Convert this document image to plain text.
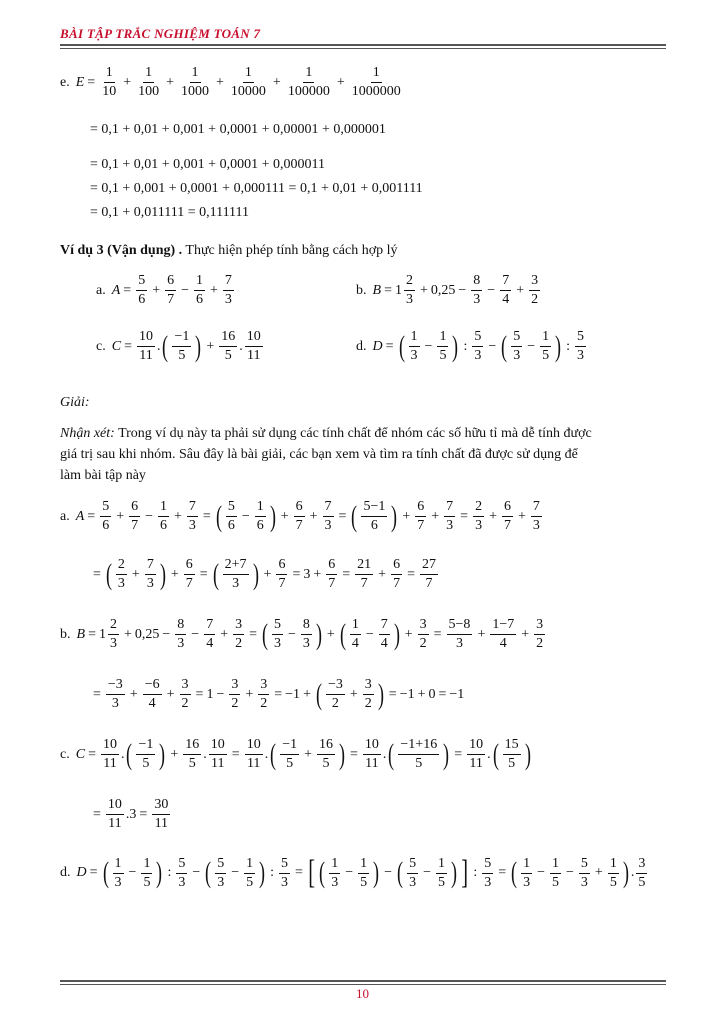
BÀI TẬP TRẮC NGHIỆM TOÁN 7
e. $E = \frac{1}{10} + \frac{1}{100} + \frac{1}{1000} + \frac{1}{10000} + \frac{1}{100000} + \frac{1}{1000000}$
= 0,1 + 0,01 + 0,001 + 0,0001 + 0,00001 + 0,000001
= 0,1 + 0,01 + 0,001 + 0,0001 + 0,000011
= 0,1 + 0,001 + 0,0001 + 0,000111 = 0,1 + 0,01 + 0,001111
= 0,1 + 0,011111 = 0,111111
Ví dụ 3 (Vận dụng) . Thực hiện phép tính bằng cách hợp lý
a. $A = \frac{5}{6} + \frac{6}{7} - \frac{1}{6} + \frac{7}{3}$	b. $B = 1 \frac{2}{3} + 0,25 - \frac{8}{3} - \frac{7}{4} + \frac{3}{2}$
c. $C = \frac{10}{11}$ . ( −1
5 ) + $\frac{16}{5}$ .
10
11
d. D = ( 1
3
− $\frac{1}{5}$ ) :
5
3
− ( 5
3
− $\frac{1}{5}$ ) :
5
3
Giải:
Nhận xét: Trong ví dụ này ta phải sử dụng các tính chất để nhóm các số hữu tỉ mà dễ tính được
giá trị sau khi nhóm. Sâu đây là bài giải, các bạn xem và tìm ra tính chất đã được sử dụng để
làm bài tập này
a. $A = \frac{5}{6} + \frac{6}{7} - \frac{1}{6} + \frac{7}{3}$ = ( 5
6
− $\frac{1}{6}$ ) + $\frac{6}{7} + \frac{7}{3}$ = ( 5−1
6 ) + $\frac{6}{7} + \frac{7}{3} = \frac{2}{3} + \frac{6}{7} + \frac{7}{3}$
= ( 2
3
+ $\frac{7}{3}$ ) + $\frac{6}{7}$ = ( 2+7
3 ) + $\frac{6}{7} = 3 + \frac{6}{7} = \frac{21}{7} + \frac{6}{7} = \frac{27}{7}$
b. $B = 1 \frac{2}{3} + 0,25 - \frac{8}{3} - \frac{7}{4} + \frac{3}{2}$ = ( 5
3
− $\frac{8}{3}$ ) + ( 1
4
− $\frac{7}{4}$ ) + $\frac{3}{2} = \frac{5-8}{3} + \frac{1-7}{4} + \frac{3}{2}$
= $\frac{-3}{3} + \frac{-6}{4} + \frac{3}{2} = 1 - \frac{3}{2} + \frac{3}{2} = -1$ + ( −3
2
+ $\frac{3}{2}$ ) = −1 + 0 = −1
c. $C = \frac{10}{11}$ . ( −1
5 ) + $\frac{16}{5}$ . $\frac{10}{11} = \frac{10}{11}$ . ( −1
5
+ $\frac{16}{5}$ ) = $\frac{10}{11}$ . ( −1+16
5 ) = $\frac{10}{11}$ . ( 15
5 )
= $\frac{10}{11} .3 = \frac{30}{11}$
d. D = ( 1
3
− $\frac{1}{5}$ ) :
5
3
− ( 5
3
− $\frac{1}{5}$ ) : $\frac{5}{3}$ = [ ( 1
3
− $\frac{1}{5}$ ) − ( 5
3
− $\frac{1}{5}$ ) ] : $\frac{5}{3}$ = ( 1
3
− $\frac{1}{5} - \frac{5}{3} + \frac{1}{5}$ ) .
3
5
10
